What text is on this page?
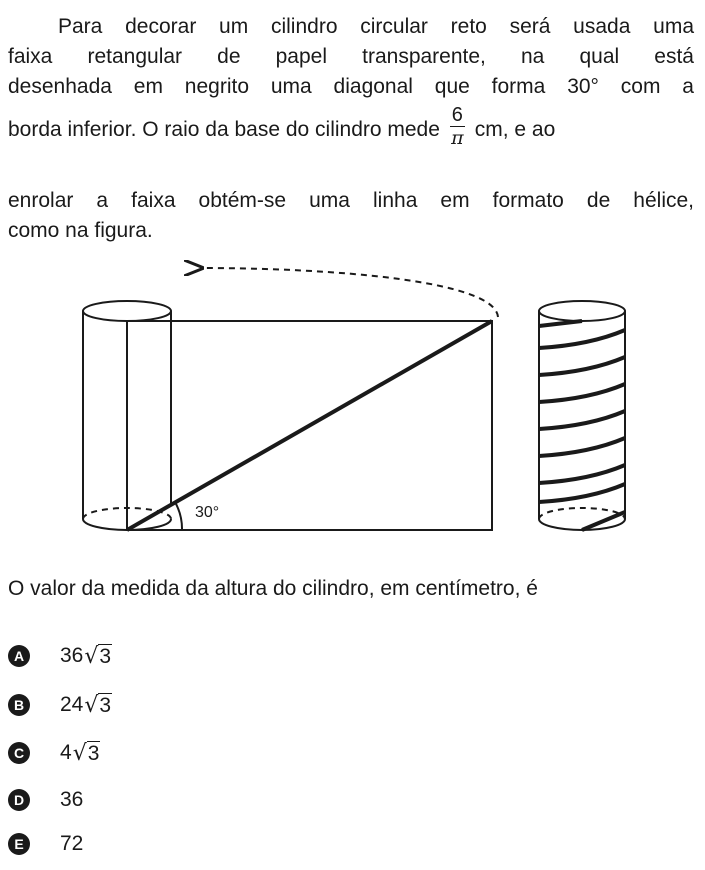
Para decorar um cilindro circular reto será usada uma
faixa retangular de papel transparente, na qual está
desenhada em negrito uma diagonal que forma 30° com a
borda inferior. O raio da base do cilindro mede $\frac{6}{\pi}$ cm, e ao
enrolar a faixa obtém-se uma linha em formato de hélice,
como na figura.
30°
O valor da medida da altura do cilindro, em centímetro, é
A 36 √ 3
B 24 √ 3
C 4 √ 3
D 36
E	72
